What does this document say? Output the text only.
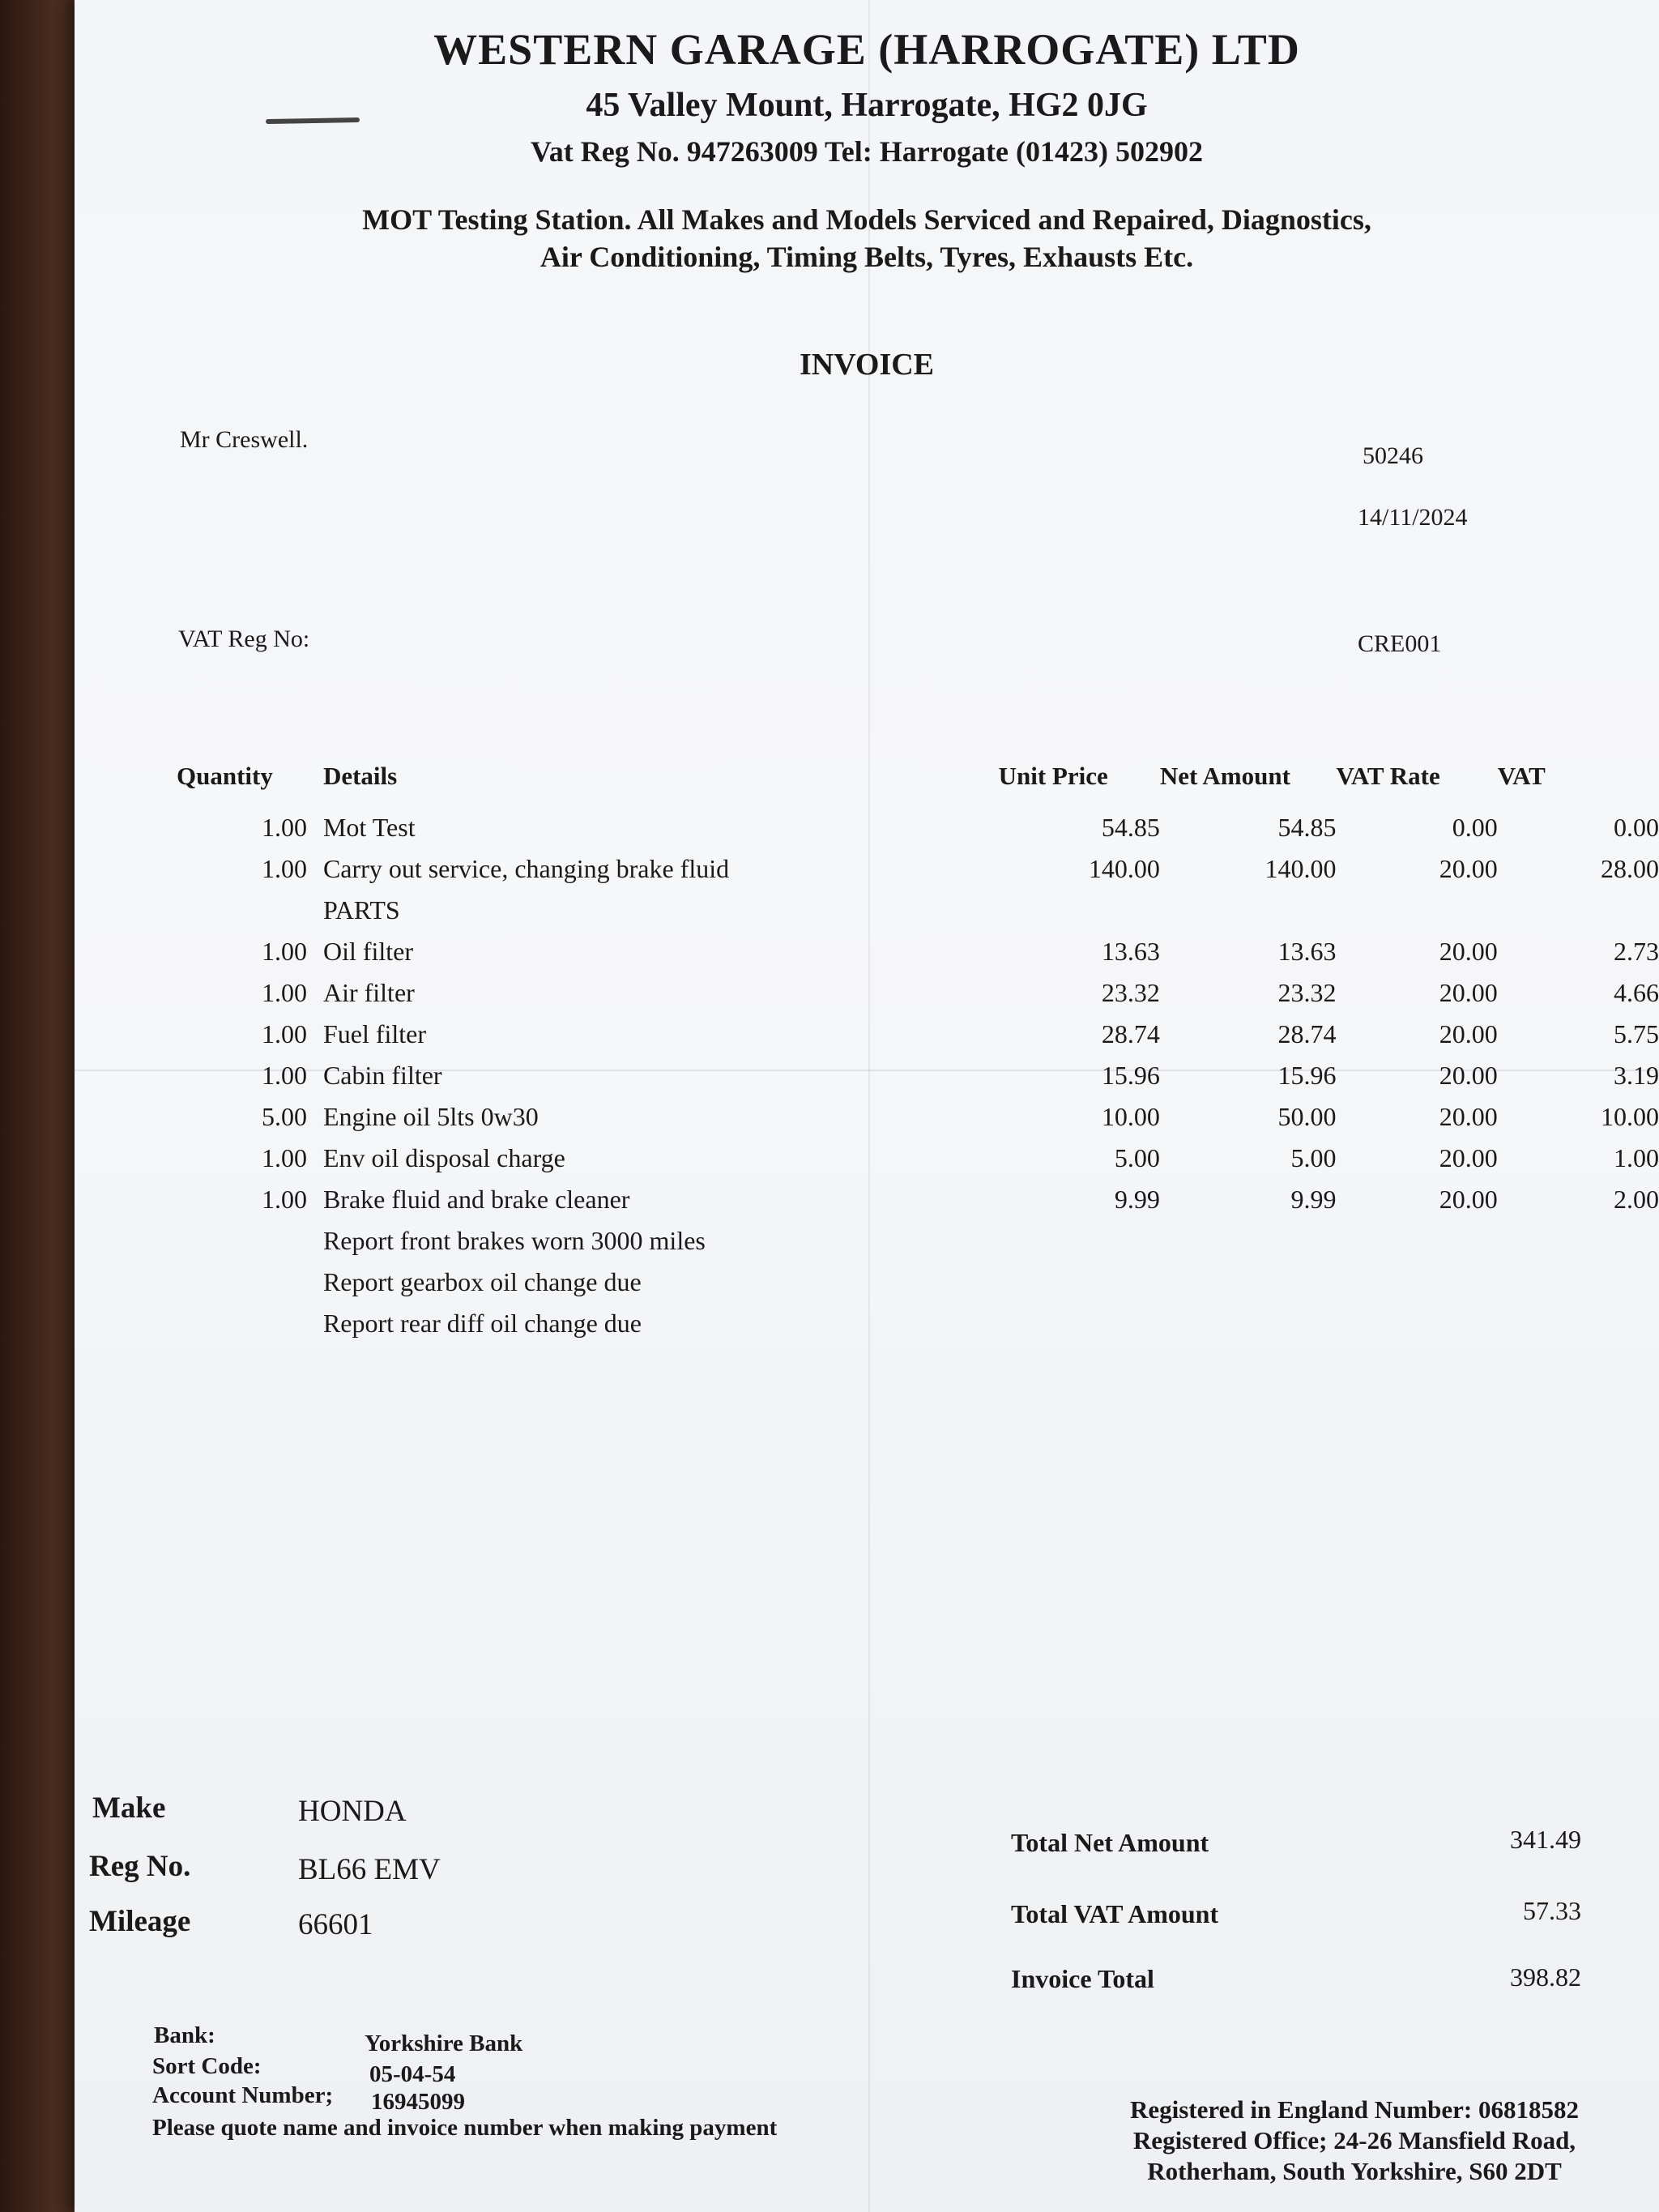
WESTERN GARAGE (HARROGATE) LTD
45 Valley Mount, Harrogate, HG2 0JG
Vat Reg No. 947263009 Tel: Harrogate (01423) 502902
MOT Testing Station. All Makes and Models Serviced and Repaired, Diagnostics,
Air Conditioning, Timing Belts, Tyres, Exhausts Etc.
INVOICE
Mr Creswell.
VAT Reg No:
50246
14/11/2024
CRE001
Quantity	Details	Unit Price	Net Amount	VAT Rate	VAT
1.00	Mot Test	54.85	54.85	0.00	0.00
1.00	Carry out service, changing brake fluid	140.00	140.00	20.00	28.00
	PARTS				
1.00	Oil filter	13.63	13.63	20.00	2.73
1.00	Air filter	23.32	23.32	20.00	4.66
1.00	Fuel filter	28.74	28.74	20.00	5.75
1.00	Cabin filter	15.96	15.96	20.00	3.19
5.00	Engine oil 5lts 0w30	10.00	50.00	20.00	10.00
1.00	Env oil disposal charge	5.00	5.00	20.00	1.00
1.00	Brake fluid and brake cleaner	9.99	9.99	20.00	2.00
	Report front brakes worn 3000 miles				
	Report gearbox oil change due				
	Report rear diff oil change due				
Make	HONDA
Reg No.	BL66 EMV
Mileage	66601
Total Net Amount	341.49
Total VAT Amount	57.33
Invoice Total	398.82
Bank:	Yorkshire Bank
Sort Code:	05-04-54
Account Number; 16945099
Please quote name and invoice number when making payment
Registered in England Number: 06818582
Registered Office; 24-26 Mansfield Road,
Rotherham, South Yorkshire, S60 2DT
